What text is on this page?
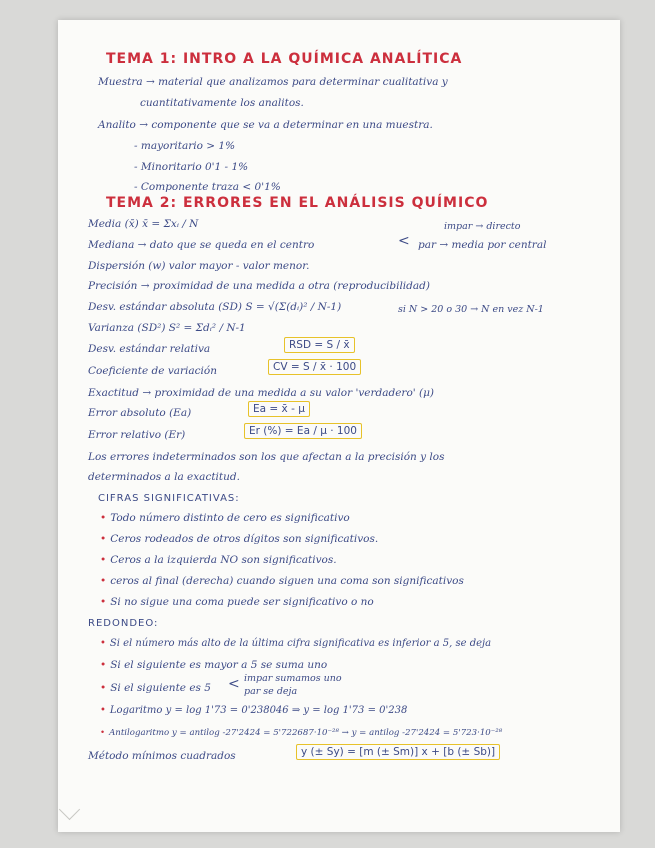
TEMA 1: INTRO A LA QUÍMICA ANALÍTICA
Muestra → material que analizamos para determinar cualitativa y
cuantitativamente los analitos.
Analito → componente que se va a determinar en una muestra.
- mayoritario > 1%
- Minoritario 0'1 - 1%
- Componente traza < 0'1%
TEMA 2: ERRORES EN EL ANÁLISIS QUÍMICO
Media (x̄) x̄ = Σxᵢ / N	impar → directo
Mediana → dato que se queda en el centro	< par → media por central
Dispersión (w) valor mayor - valor menor.
Precisión → proximidad de una medida a otra (reproducibilidad)
Desv. estándar absoluta (SD) S = √(Σ(dᵢ)² / N-1)	si N > 20 o 30 → N en vez N-1
Varianza (SD²) S² = Σdᵢ² / N-1
Desv. estándar relativa	RSD = S / x̄
Coeficiente de variación	CV = S / x̄ · 100
Exactitud → proximidad de una medida a su valor 'verdadero' (μ)
Error absoluto (Ea)	Ea = x̄ - μ
Error relativo (Er)	Er (%) = Ea / μ · 100
Los errores indeterminados son los que afectan a la precisión y los
determinados a la exactitud.
CIFRAS SIGNIFICATIVAS:
• Todo número distinto de cero es significativo
• Ceros rodeados de otros dígitos son significativos.
• Ceros a la izquierda NO son significativos.
• ceros al final (derecha) cuando siguen una coma son significativos
• Si no sigue una coma puede ser significativo o no
REDONDEO:
• Si el número más alto de la última cifra significativa es inferior a 5, se deja
• Si el siguiente es mayor a 5 se suma uno
• Si el siguiente es 5 < impar sumamos uno
par se deja
• Logaritmo y = log 1'73 = 0'238046 ⇒ y = log 1'73 = 0'238
• Antilogaritmo y = antilog -27'2424 = 5'722687·10⁻²⁸ → y = antilog -27'2424 = 5'723·10⁻²⁸
Método mínimos cuadrados	y (± Sy) = [m (± Sm)] x + [b (± Sb)]
